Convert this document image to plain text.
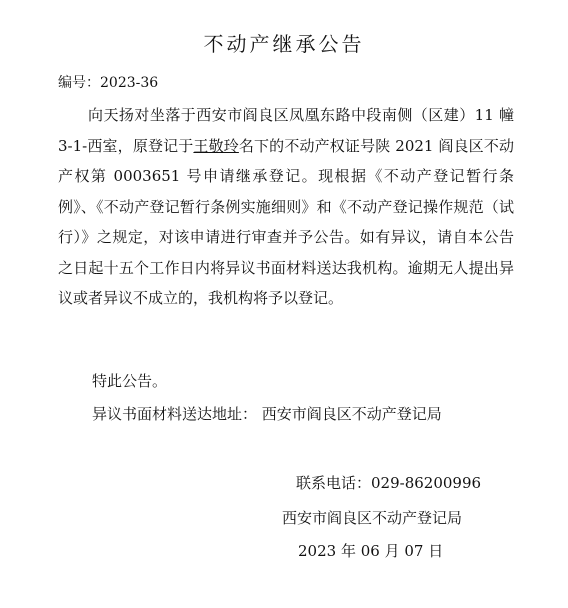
不动产继承公告
编号：2023-36

向天扬对坐落于西安市阎良区凤凰东路中段南侧（区建）11 幢 3-1-西室，原登记于王敬玲名下的不动产权证号陕 2021 阎良区不动产权第 0003651 号申请继承登记。现根据《不动产登记暂行条例》、《不动产登记暂行条例实施细则》和《不动产登记操作规范（试行）》之规定，对该申请进行审查并予公告。如有异议，请自本公告之日起十五个工作日内将异议书面材料送达我机构。逾期无人提出异议或者异议不成立的，我机构将予以登记。

特此公告。
异议书面材料送达地址： 西安市阎良区不动产登记局
联系电话：029-86200996
西安市阎良区不动产登记局
2023 年 06 月 07 日
